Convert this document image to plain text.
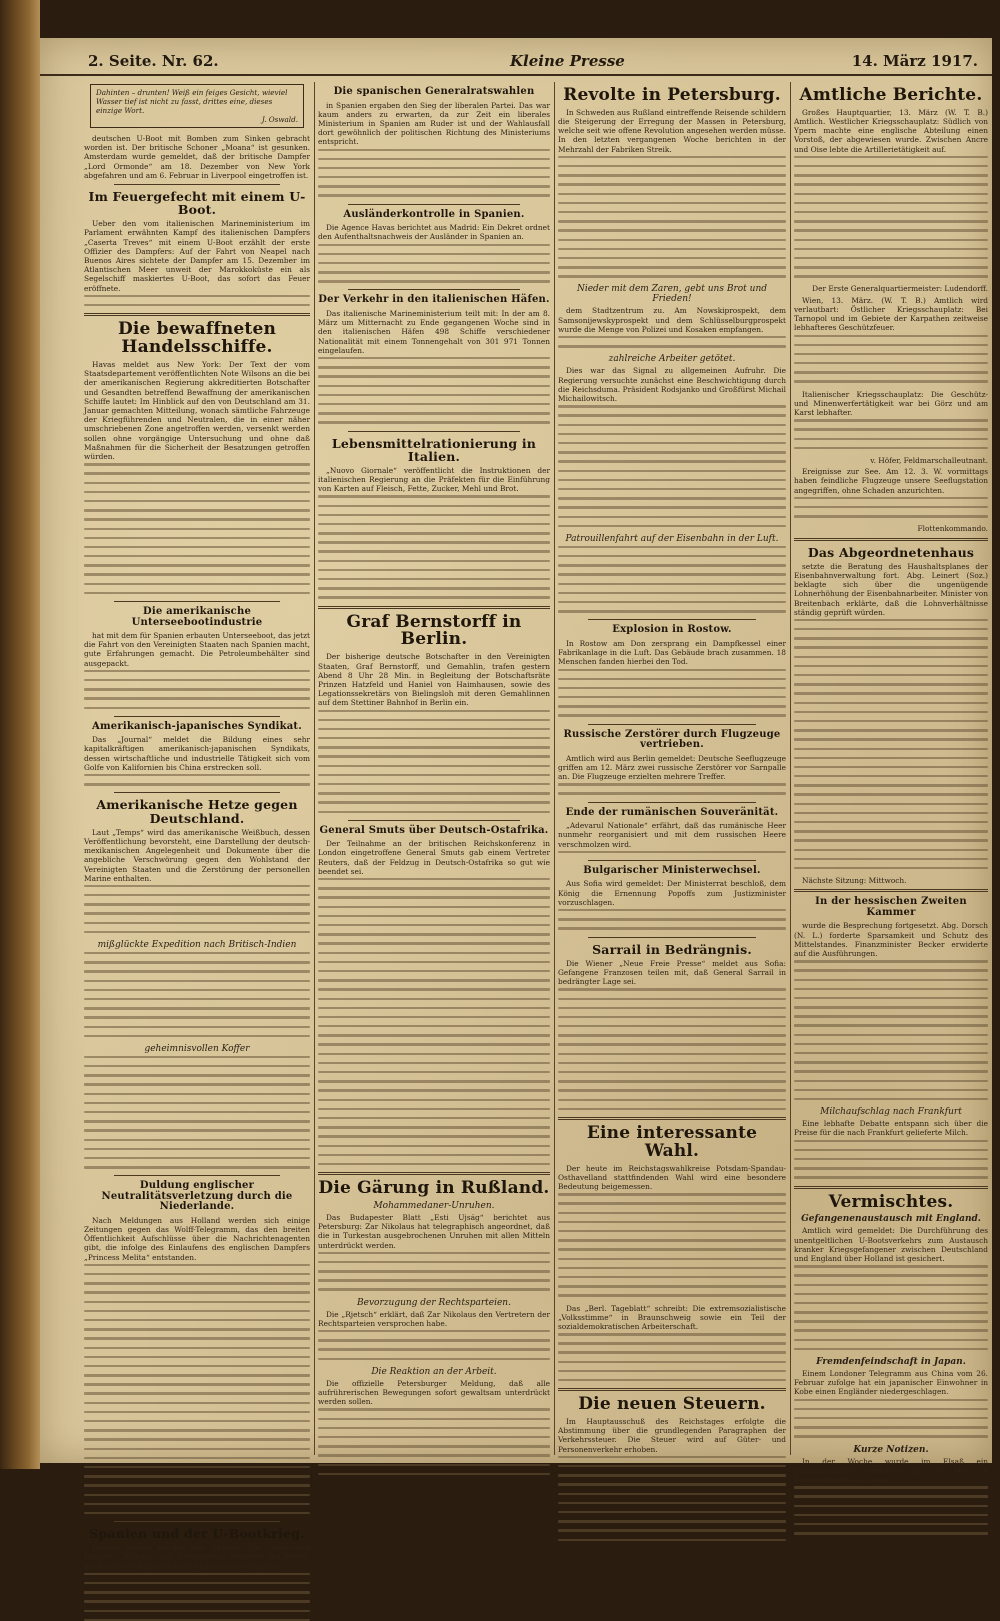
2. Seite. Nr. 62.	Kleine Presse	14. März 1917.
Dahinten – drunten! Weiß ein feiges Gesicht, wieviel Wasser tief ist nicht zu fasst, drittes eine, dieses einzige Wort.
J. Oswald.

deutschen U-Boot mit Bomben zum Sinken gebracht worden ist. Der britische Schoner „Moana“ ist gesunken. Amsterdam wurde gemeldet, daß der britische Dampfer „Lord Ormonde“ am 18. Dezember von New York abgefahren und am 6. Februar in Liverpool eingetroffen ist.

Im Feuergefecht mit einem U-Boot.

Ueber den vom italienischen Marineministerium im Parlament erwähnten Kampf des italienischen Dampfers „Caserta Treves“ mit einem U-Boot erzählt der erste Offizier des Dampfers: Auf der Fahrt von Neapel nach Buenos Aires sichtete der Dampfer am 15. Dezember im Atlantischen Meer unweit der Marokkoküste ein als Segelschiff maskiertes U-Boot, das sofort das Feuer eröffnete.

Die bewaffneten Handelsschiffe.

Havas meldet aus New York: Der Text der vom Staatsdepartement veröffentlichten Note Wilsons an die bei der amerikanischen Regierung akkreditierten Botschafter und Gesandten betreffend Bewaffnung der amerikanischen Schiffe lautet: Im Hinblick auf den von Deutschland am 31. Januar gemachten Mitteilung, wonach sämtliche Fahrzeuge der Kriegführenden und Neutralen, die in einer näher umschriebenen Zone angetroffen werden, versenkt werden sollen ohne vorgängige Untersuchung und ohne daß Maßnahmen für die Sicherheit der Besatzungen getroffen würden.

Die amerikanische Unterseebootindustrie

hat mit dem für Spanien erbauten Unterseeboot, das jetzt die Fahrt von den Vereinigten Staaten nach Spanien macht, gute Erfahrungen gemacht. Die Petroleumbehälter sind ausgepackt.

Amerikanisch-japanisches Syndikat.

Das „Journal“ meldet die Bildung eines sehr kapitalkräftigen amerikanisch-japanischen Syndikats, dessen wirtschaftliche und industrielle Tätigkeit sich vom Golfe von Kalifornien bis China erstrecken soll.

Amerikanische Hetze gegen Deutschland.

Laut „Temps“ wird das amerikanische Weißbuch, dessen Veröffentlichung bevorsteht, eine Darstellung der deutsch-mexikanischen Angelegenheit und Dokumente über die angebliche Verschwörung gegen den Wohlstand der Vereinigten Staaten und die Zerstörung der personellen Marine enthalten.

mißglückte Expedition nach Britisch-Indien
geheimnisvollen Koffer
Duldung englischer Neutralitätsverletzung durch die Niederlande.

Nach Meldungen aus Holland werden sich einige Zeitungen gegen das Wolff-Telegramm, das den breiten Öffentlichkeit Aufschlüsse über die Nachrichtenagenten gibt, die infolge des Einlaufens des englischen Dampfers „Princess Melita“ entstanden.

Spanien und der U-Bootkrieg.

Dessen Blätter melden aus Madrid: Die spanischen Dampfer „Sixtana“ und „Formentera“ erhielten den Befehl, die Häfen der Balearen-Insel Mallorca zu verlassen.

Die spanischen Generalratswahlen

in Spanien ergaben den Sieg der liberalen Partei. Das war kaum anders zu erwarten, da zur Zeit ein liberales Ministerium in Spanien am Ruder ist und der Wahlausfall dort gewöhnlich der politischen Richtung des Ministeriums entspricht.

Ausländerkontrolle in Spanien.

Die Agence Havas berichtet aus Madrid: Ein Dekret ordnet den Aufenthaltsnachweis der Ausländer in Spanien an.

Der Verkehr in den italienischen Häfen.

Das italienische Marineministerium teilt mit: In der am 8. März um Mitternacht zu Ende gegangenen Woche sind in den italienischen Häfen 498 Schiffe verschiedener Nationalität mit einem Tonnengehalt von 301 971 Tonnen eingelaufen.

Lebensmittelrationierung in Italien.

„Nuovo Giornale“ veröffentlicht die Instruktionen der italienischen Regierung an die Präfekten für die Einführung von Karten auf Fleisch, Fette, Zucker, Mehl und Brot.

Graf Bernstorff in Berlin.

Der bisherige deutsche Botschafter in den Vereinigten Staaten, Graf Bernstorff, und Gemahlin, trafen gestern Abend 8 Uhr 28 Min. in Begleitung der Botschaftsräte Prinzen Hatzfeld und Haniel von Haimhausen, sowie des Legationssekretärs von Bielingsloh mit deren Gemahlinnen auf dem Stettiner Bahnhof in Berlin ein.

General Smuts über Deutsch-Ostafrika.

Der Teilnahme an der britischen Reichskonferenz in London eingetroffene General Smuts gab einem Vertreter Reuters, daß der Feldzug in Deutsch-Ostafrika so gut wie beendet sei.

Die Gärung in Rußland.
Mohammedaner-Unruhen.

Das Budapester Blatt „Esti Ujság“ berichtet aus Petersburg: Zar Nikolaus hat telegraphisch angeordnet, daß die in Turkestan ausgebrochenen Unruhen mit allen Mitteln unterdrückt werden.

Bevorzugung der Rechtsparteien.

Die „Rjetsch“ erklärt, daß Zar Nikolaus den Vertretern der Rechtsparteien versprochen habe.

Die Reaktion an der Arbeit.

Die offizielle Petersburger Meldung, daß alle aufrührerischen Bewegungen sofort gewaltsam unterdrückt werden sollen.

Revolte in Petersburg.

In Schweden aus Rußland eintreffende Reisende schildern die Steigerung der Erregung der Massen in Petersburg, welche seit wie offene Revolution angesehen werden müsse. In den letzten vergangenen Woche berichten in der Mehrzahl der Fabriken Streik.

Nieder mit dem Zaren, gebt uns Brot und Frieden!

dem Stadtzentrum zu. Am Nowskiprospekt, dem Samsonijewskyprospekt und dem Schlüsselburgprospekt wurde die Menge von Polizei und Kosaken empfangen.

zahlreiche Arbeiter getötet.

Dies war das Signal zu allgemeinen Aufruhr. Die Regierung versuchte zunächst eine Beschwichtigung durch die Reichsduma. Präsident Rodsjanko und Großfürst Michail Michailowitsch.

Patrouillenfahrt auf der Eisenbahn in der Luft.
Explosion in Rostow.

In Rostow am Don zersprang ein Dampfkessel einer Fabrikanlage in die Luft. Das Gebäude brach zusammen. 18 Menschen fanden hierbei den Tod.

Russische Zerstörer durch Flugzeuge vertrieben.

Amtlich wird aus Berlin gemeldet: Deutsche Seeflugzeuge griffen am 12. März zwei russische Zerstörer vor Sarnpalle an. Die Flugzeuge erzielten mehrere Treffer.

Ende der rumänischen Souveränität.

„Adevarul Nationale“ erfährt, daß das rumänische Heer nunmehr reorganisiert und mit dem russischen Heere verschmolzen wird.

Bulgarischer Ministerwechsel.

Aus Sofia wird gemeldet: Der Ministerrat beschloß, dem König die Ernennung Popoffs zum Justizminister vorzuschlagen.

Sarrail in Bedrängnis.

Die Wiener „Neue Freie Presse“ meldet aus Sofia: Gefangene Franzosen teilen mit, daß General Sarrail in bedrängter Lage sei.

Eine interessante Wahl.

Der heute im Reichstagswahlkreise Potsdam-Spandau-Osthavelland stattfindenden Wahl wird eine besondere Bedeutung beigemessen.

Das „Berl. Tageblatt“ schreibt: Die extremsozialistische „Volksstimme“ in Braunschweig sowie ein Teil der sozialdemokratischen Arbeiterschaft.

Die neuen Steuern.

Im Hauptausschuß des Reichstages erfolgte die Abstimmung über die grundlegenden Paragraphen der Verkehrssteuer. Die Steuer wird auf Güter- und Personenverkehr erhoben.

Amtliche Berichte.

Großes Hauptquartier, 13. März (W. T. B.) Amtlich. Westlicher Kriegsschauplatz: Südlich von Ypern machte eine englische Abteilung einen Vorstoß, der abgewiesen wurde. Zwischen Ancre und Oise lebte die Artillerietätigkeit auf.

Der Erste Generalquartiermeister: Ludendorff.

Wien, 13. März. (W. T. B.) Amtlich wird verlautbart: Östlicher Kriegsschauplatz: Bei Tarnopol und im Gebiete der Karpathen zeitweise lebhafteres Geschützfeuer.

Italienischer Kriegsschauplatz: Die Geschütz- und Minenwerfertätigkeit war bei Görz und am Karst lebhafter.

v. Höfer, Feldmarschalleutnant.

Ereignisse zur See. Am 12. 3. W. vormittags haben feindliche Flugzeuge unsere Seeflugstation angegriffen, ohne Schaden anzurichten.

Flottenkommando.

Das Abgeordnetenhaus

setzte die Beratung des Haushaltsplanes der Eisenbahnverwaltung fort. Abg. Leinert (Soz.) beklagte sich über die ungenügende Lohnerhöhung der Eisenbahnarbeiter. Minister von Breitenbach erklärte, daß die Lohnverhältnisse ständig geprüft würden.

Nächste Sitzung: Mittwoch.

In der hessischen Zweiten Kammer

wurde die Besprechung fortgesetzt. Abg. Dorsch (N. L.) forderte Sparsamkeit und Schutz des Mittelstandes. Finanzminister Becker erwiderte auf die Ausführungen.

Milchaufschlag nach Frankfurt

Eine lebhafte Debatte entspann sich über die Preise für die nach Frankfurt gelieferte Milch.

Vermischtes.
Gefangenenaustausch mit England.

Amtlich wird gemeldet: Die Durchführung des unentgeltlichen U-Bootsverkehrs zum Austausch kranker Kriegsgefangener zwischen Deutschland und England über Holland ist gesichert.

Fremdenfeindschaft in Japan.

Einem Londoner Telegramm aus China vom 26. Februar zufolge hat ein japanischer Einwohner in Kobe einen Engländer niedergeschlagen.

Kurze Notizen.

In der Woche wurde im Elsaß ein Heizungsarbeiter verhaftet, der 100 Mark in Banknoten bei sich trug.
